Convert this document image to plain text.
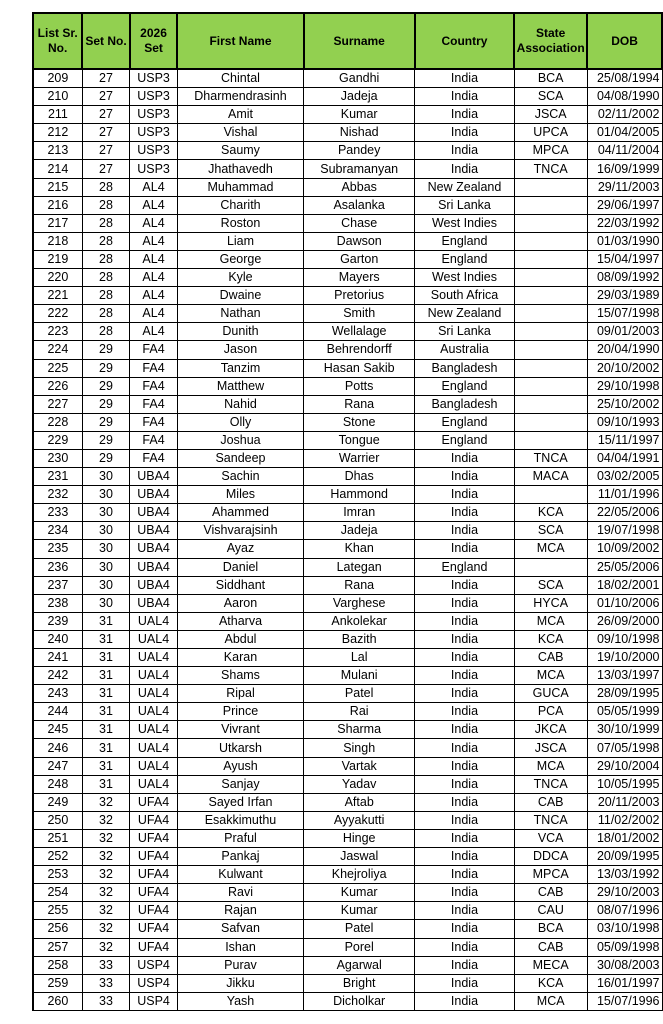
List Sr. No.	Set No.	2026 Set	First Name	Surname	Country	State Association	DOB
209	27	USP3	Chintal	Gandhi	India	BCA	25/08/1994
210	27	USP3	Dharmendrasinh	Jadeja	India	SCA	04/08/1990
211	27	USP3	Amit	Kumar	India	JSCA	02/11/2002
212	27	USP3	Vishal	Nishad	India	UPCA	01/04/2005
213	27	USP3	Saumy	Pandey	India	MPCA	04/11/2004
214	27	USP3	Jhathavedh	Subramanyan	India	TNCA	16/09/1999
215	28	AL4	Muhammad	Abbas	New Zealand		29/11/2003
216	28	AL4	Charith	Asalanka	Sri Lanka		29/06/1997
217	28	AL4	Roston	Chase	West Indies		22/03/1992
218	28	AL4	Liam	Dawson	England		01/03/1990
219	28	AL4	George	Garton	England		15/04/1997
220	28	AL4	Kyle	Mayers	West Indies		08/09/1992
221	28	AL4	Dwaine	Pretorius	South Africa		29/03/1989
222	28	AL4	Nathan	Smith	New Zealand		15/07/1998
223	28	AL4	Dunith	Wellalage	Sri Lanka		09/01/2003
224	29	FA4	Jason	Behrendorff	Australia		20/04/1990
225	29	FA4	Tanzim	Hasan Sakib	Bangladesh		20/10/2002
226	29	FA4	Matthew	Potts	England		29/10/1998
227	29	FA4	Nahid	Rana	Bangladesh		25/10/2002
228	29	FA4	Olly	Stone	England		09/10/1993
229	29	FA4	Joshua	Tongue	England		15/11/1997
230	29	FA4	Sandeep	Warrier	India	TNCA	04/04/1991
231	30	UBA4	Sachin	Dhas	India	MACA	03/02/2005
232	30	UBA4	Miles	Hammond	India		11/01/1996
233	30	UBA4	Ahammed	Imran	India	KCA	22/05/2006
234	30	UBA4	Vishvarajsinh	Jadeja	India	SCA	19/07/1998
235	30	UBA4	Ayaz	Khan	India	MCA	10/09/2002
236	30	UBA4	Daniel	Lategan	England		25/05/2006
237	30	UBA4	Siddhant	Rana	India	SCA	18/02/2001
238	30	UBA4	Aaron	Varghese	India	HYCA	01/10/2006
239	31	UAL4	Atharva	Ankolekar	India	MCA	26/09/2000
240	31	UAL4	Abdul	Bazith	India	KCA	09/10/1998
241	31	UAL4	Karan	Lal	India	CAB	19/10/2000
242	31	UAL4	Shams	Mulani	India	MCA	13/03/1997
243	31	UAL4	Ripal	Patel	India	GUCA	28/09/1995
244	31	UAL4	Prince	Rai	India	PCA	05/05/1999
245	31	UAL4	Vivrant	Sharma	India	JKCA	30/10/1999
246	31	UAL4	Utkarsh	Singh	India	JSCA	07/05/1998
247	31	UAL4	Ayush	Vartak	India	MCA	29/10/2004
248	31	UAL4	Sanjay	Yadav	India	TNCA	10/05/1995
249	32	UFA4	Sayed Irfan	Aftab	India	CAB	20/11/2003
250	32	UFA4	Esakkimuthu	Ayyakutti	India	TNCA	11/02/2002
251	32	UFA4	Praful	Hinge	India	VCA	18/01/2002
252	32	UFA4	Pankaj	Jaswal	India	DDCA	20/09/1995
253	32	UFA4	Kulwant	Khejroliya	India	MPCA	13/03/1992
254	32	UFA4	Ravi	Kumar	India	CAB	29/10/2003
255	32	UFA4	Rajan	Kumar	India	CAU	08/07/1996
256	32	UFA4	Safvan	Patel	India	BCA	03/10/1998
257	32	UFA4	Ishan	Porel	India	CAB	05/09/1998
258	33	USP4	Purav	Agarwal	India	MECA	30/08/2003
259	33	USP4	Jikku	Bright	India	KCA	16/01/1997
260	33	USP4	Yash	Dicholkar	India	MCA	15/07/1996
